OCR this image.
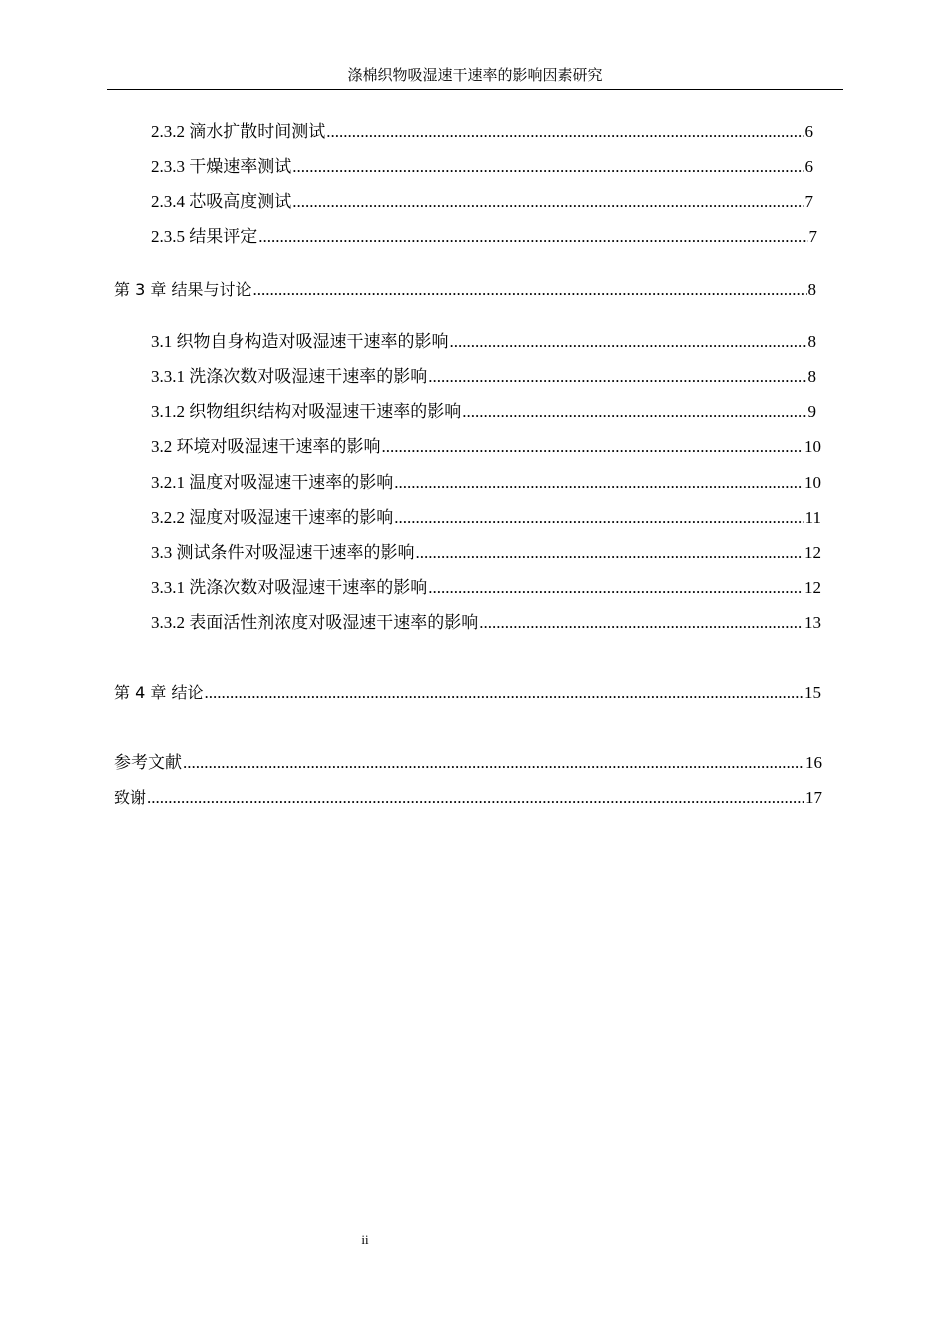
涤棉织物吸湿速干速率的影响因素研究
2.3.2 滴水扩散时间测试 .....	6
2.3.3 干燥速率测试 .....	6
2.3.4 芯吸高度测试 .....	7
2.3.5 结果评定 .....	7
第 3 章 结果与讨论 .....	8
3.1 织物自身构造对吸湿速干速率的影响 .....	8
3.3.1 洗涤次数对吸湿速干速率的影响 .....	8
3.1.2 织物组织结构对吸湿速干速率的影响 .....	9
3.2 环境对吸湿速干速率的影响 .....	10
3.2.1 温度对吸湿速干速率的影响 .....	10
3.2.2 湿度对吸湿速干速率的影响 .....	11
3.3 测试条件对吸湿速干速率的影响 .....	12
3.3.1 洗涤次数对吸湿速干速率的影响 .....	12
3.3.2 表面活性剂浓度对吸湿速干速率的影响 .....	13
第 4 章 结论 .....	15
参考文献 .....	16
致谢 .....	17
ii
